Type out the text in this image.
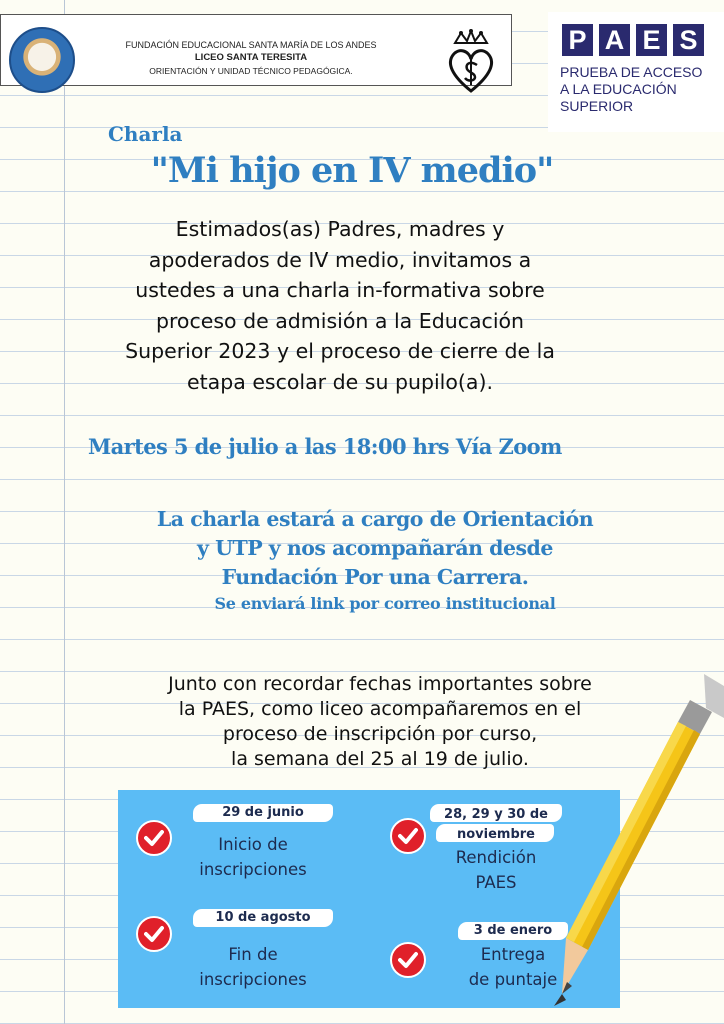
FUNDACIÓN EDUCACIONAL SANTA MARÍA DE LOS ANDES
LICEO SANTA TERESITA
ORIENTACIÓN Y UNIDAD TÉCNICO PEDAGÓGICA.
P A E S
PRUEBA DE ACCESO
A LA EDUCACIÓN
SUPERIOR
Charla
"Mi hijo en IV medio"
Estimados(as) Padres, madres y
apoderados de IV medio, invitamos a
ustedes a una charla in-formativa sobre
proceso de admisión a la Educación
Superior 2023 y el proceso de cierre de la
etapa escolar de su pupilo(a).
Martes 5 de julio a las 18:00 hrs Vía Zoom
La charla estará a cargo de Orientación
y UTP y nos acompañarán desde
Fundación Por una Carrera.
Se enviará link por correo institucional
Junto con recordar fechas importantes sobre
la PAES, como liceo acompañaremos en el
proceso de inscripción por curso,
la semana del 25 al 19 de julio.
29 de junio
Inicio de
inscripciones
28, 29 y 30 de
noviembre
Rendición
PAES
10 de agosto
Fin de
inscripciones
3 de enero
Entrega
de puntaje
